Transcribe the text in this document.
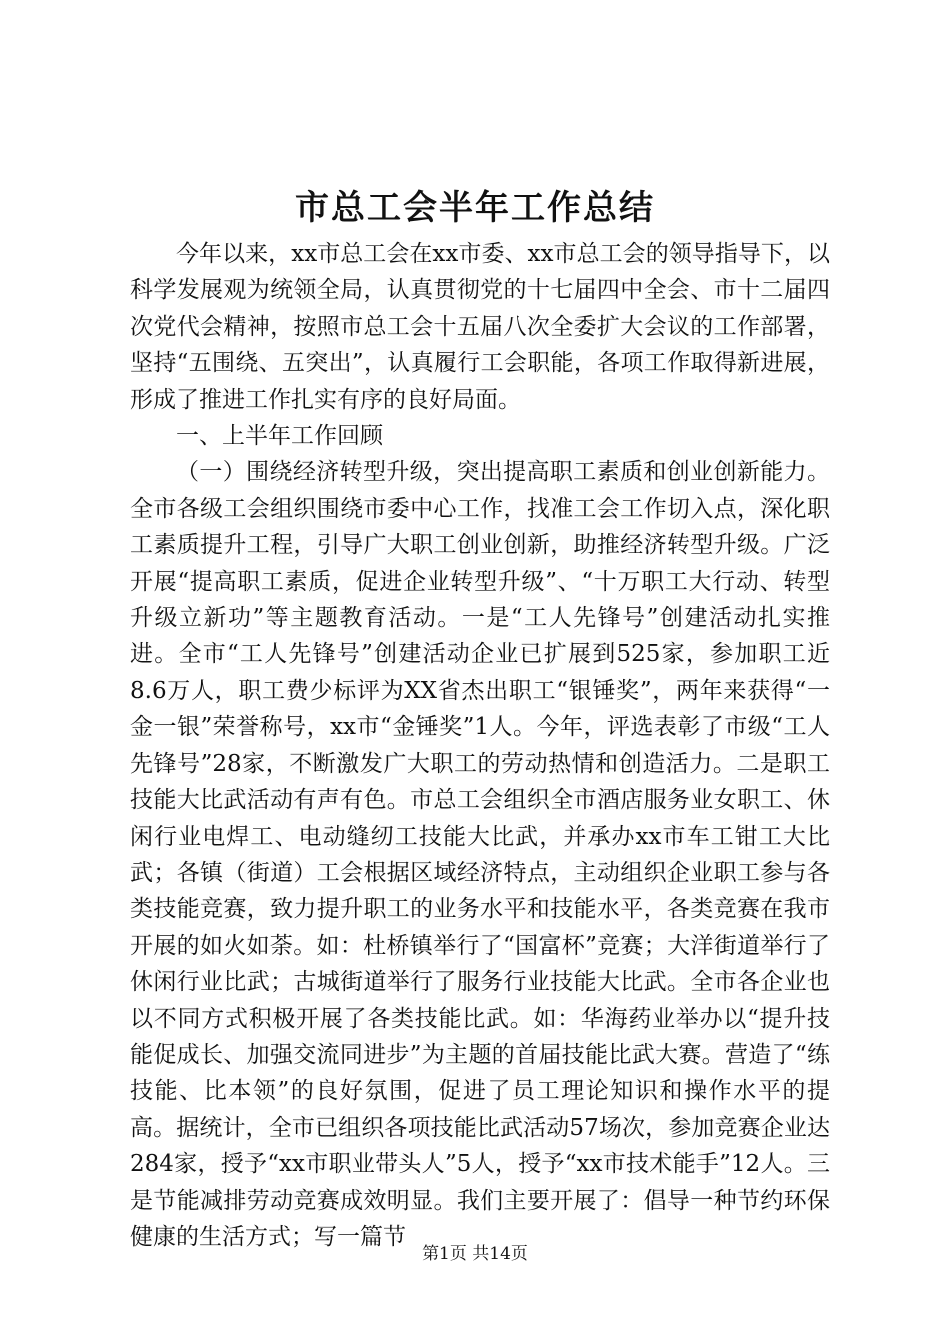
市总工会半年工作总结

今年以来，xx市总工会在xx市委、xx市总工会的领导指导下，以科学发展观为统领全局，认真贯彻党的十七届四中全会、市十二届四次党代会精神，按照市总工会十五届八次全委扩大会议的工作部署，坚持“五围绕、五突出”，认真履行工会职能，各项工作取得新进展，形成了推进工作扎实有序的良好局面。

一、上半年工作回顾

（一）围绕经济转型升级，突出提高职工素质和创业创新能力。全市各级工会组织围绕市委中心工作，找准工会工作切入点，深化职工素质提升工程，引导广大职工创业创新，助推经济转型升级。广泛开展“提高职工素质，促进企业转型升级”、“十万职工大行动、转型升级立新功”等主题教育活动。一是“工人先锋号”创建活动扎实推进。全市“工人先锋号”创建活动企业已扩展到525家，参加职工近8.6万人，职工费少标评为XX省杰出职工“银锤奖”，两年来获得“一金一银”荣誉称号，xx市“金锤奖”1人。今年，评选表彰了市级“工人先锋号”28家，不断激发广大职工的劳动热情和创造活力。二是职工技能大比武活动有声有色。市总工会组织全市酒店服务业女职工、休闲行业电焊工、电动缝纫工技能大比武，并承办xx市车工钳工大比武；各镇（街道）工会根据区域经济特点，主动组织企业职工参与各类技能竞赛，致力提升职工的业务水平和技能水平，各类竞赛在我市开展的如火如荼。如：杜桥镇举行了“国富杯”竞赛；大洋街道举行了休闲行业比武；古城街道举行了服务行业技能大比武。全市各企业也以不同方式积极开展了各类技能比武。如：华海药业举办以“提升技能促成长、加强交流同进步”为主题的首届技能比武大赛。营造了“练技能、比本领”的良好氛围，促进了员工理论知识和操作水平的提高。据统计，全市已组织各项技能比武活动57场次，参加竞赛企业达284家，授予“xx市职业带头人”5人，授予“xx市技术能手”12人。三是节能减排劳动竞赛成效明显。我们主要开展了：倡导一种节约环保健康的生活方式；写一篇节

第1页 共14页
